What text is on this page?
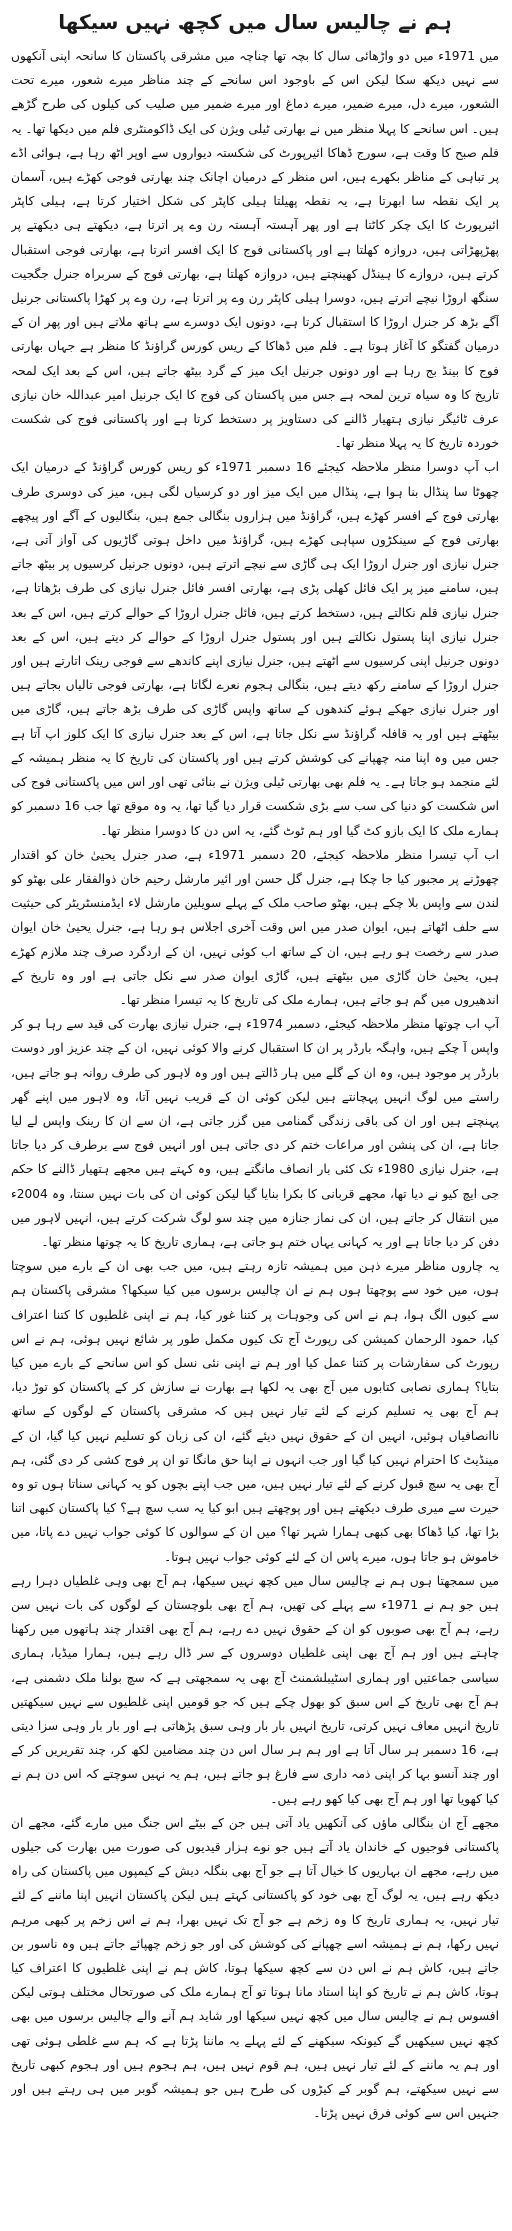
ہم نے چالیس سال میں کچھ نہیں سیکھا

میں 1971ء میں دو واڑھائی سال کا بچہ تھا چناچہ میں مشرقی پاکستان کا سانحہ اپنی آنکھوں سے نہیں دیکھ سکا لیکن اس کے باوجود اس سانحے کے چند مناظر میرے شعور، میرے تحت الشعور، میرے دل، میرے ضمیر، میرے دماغ اور میرے ضمیر میں صلیب کی کیلوں کی طرح گڑھے ہیں۔ اس سانحے کا پہلا منظر میں نے بھارتی ٹیلی ویژن کی ایک ڈاکومنٹری فلم میں دیکھا تھا۔ یہ فلم صبح کا وقت ہے، سورج ڈھاکا ائیرپورٹ کی شکستہ دیواروں سے اوپر اٹھ رہا ہے، ہوائی اڈے پر تباہی کے مناظر بکھرے ہیں، اس منظر کے درمیان اچانک چند بھارتی فوجی کھڑے ہیں، آسمان پر ایک نقطہ سا ابھرتا ہے، یہ نقطہ پھیلتا ہیلی کاپٹر کی شکل اختیار کرتا ہے، ہیلی کاپٹر ائیرپورٹ کا ایک چکر کاٹتا ہے اور پھر آہستہ آہستہ رن وے پر اترتا ہے، دیکھتے ہی دیکھتے پر پھڑپھڑاتی ہیں، دروازہ کھلتا ہے اور پاکستانی فوج کا ایک افسر اترتا ہے، بھارتی فوجی استقبال کرتے ہیں، دروازے کا ہینڈل کھینچتے ہیں، دروازہ کھلتا ہے، بھارتی فوج کے سربراہ جنرل جگجیت سنگھ اروڑا نیچے اترتے ہیں، دوسرا ہیلی کاپٹر رن وے پر اترتا ہے، رن وے پر کھڑا پاکستانی جرنیل آگے بڑھ کر جنرل اروڑا کا استقبال کرتا ہے، دونوں ایک دوسرے سے ہاتھ ملاتے ہیں اور پھر ان کے درمیان گفتگو کا آغاز ہوتا ہے۔ فلم میں ڈھاکا کے ریس کورس گراؤنڈ کا منظر ہے جہاں بھارتی فوج کا بینڈ بج رہا ہے اور دونوں جرنیل ایک میز کے گرد بیٹھ جاتے ہیں، اس کے بعد ایک لمحہ تاریخ کا وہ سیاہ ترین لمحہ ہے جس میں پاکستان کی فوج کا ایک جرنیل امیر عبداللہ خان نیازی عرف ٹائیگر نیازی ہتھیار ڈالنے کی دستاویز پر دستخط کرتا ہے اور پاکستانی فوج کی شکست خوردہ تاریخ کا یہ پہلا منظر تھا۔

اب آپ دوسرا منظر ملاحظہ کیجئے 16 دسمبر 1971ء کو ریس کورس گراؤنڈ کے درمیان ایک چھوٹا سا پنڈال بنا ہوا ہے، پنڈال میں ایک میز اور دو کرسیاں لگی ہیں، میز کی دوسری طرف بھارتی فوج کے افسر کھڑے ہیں، گراؤنڈ میں ہزاروں بنگالی جمع ہیں، بنگالیوں کے آگے اور پیچھے بھارتی فوج کے سینکڑوں سپاہی کھڑے ہیں، گراؤنڈ میں داخل ہوتی گاڑیوں کی آواز آتی ہے، جنرل نیازی اور جنرل اروڑا ایک ہی گاڑی سے نیچے اترتے ہیں، دونوں جرنیل کرسیوں پر بیٹھ جاتے ہیں، سامنے میز پر ایک فائل کھلی پڑی ہے، بھارتی افسر فائل جنرل نیازی کی طرف بڑھاتا ہے، جنرل نیازی قلم نکالتے ہیں، دستخط کرتے ہیں، فائل جنرل اروڑا کے حوالے کرتے ہیں، اس کے بعد جنرل نیازی اپنا پستول نکالتے ہیں اور پستول جنرل اروڑا کے حوالے کر دیتے ہیں، اس کے بعد دونوں جرنیل اپنی کرسیوں سے اٹھتے ہیں، جنرل نیازی اپنے کاندھے سے فوجی رینک اتارتے ہیں اور جنرل اروڑا کے سامنے رکھ دیتے ہیں، بنگالی ہجوم نعرے لگاتا ہے، بھارتی فوجی تالیاں بجاتے ہیں اور جنرل نیازی جھکے ہوئے کندھوں کے ساتھ واپس گاڑی کی طرف بڑھ جاتے ہیں، گاڑی میں بیٹھتے ہیں اور یہ قافلہ گراؤنڈ سے نکل جاتا ہے، اس کے بعد جنرل نیازی کا ایک کلوز اپ آتا ہے جس میں وہ اپنا منہ چھپانے کی کوشش کرتے ہیں اور پاکستان کی تاریخ کا یہ منظر ہمیشہ کے لئے منجمد ہو جاتا ہے۔ یہ فلم بھی بھارتی ٹیلی ویژن نے بنائی تھی اور اس میں پاکستانی فوج کی اس شکست کو دنیا کی سب سے بڑی شکست قرار دیا گیا تھا، یہ وہ موقع تھا جب 16 دسمبر کو ہمارے ملک کا ایک بازو کٹ گیا اور ہم ٹوٹ گئے، یہ اس دن کا دوسرا منظر تھا۔

اب آپ تیسرا منظر ملاحظہ کیجئے، 20 دسمبر 1971ء ہے، صدر جنرل یحییٰ خان کو اقتدار چھوڑنے پر مجبور کیا جا چکا ہے، جنرل گل حسن اور ائیر مارشل رحیم خان ذوالفقار علی بھٹو کو لندن سے واپس بلا چکے ہیں، بھٹو صاحب ملک کے پہلے سویلین مارشل لاء ایڈمنسٹریٹر کی حیثیت سے حلف اٹھاتے ہیں، ایوان صدر میں اس وقت آخری اجلاس ہو رہا ہے، جنرل یحییٰ خان ایوان صدر سے رخصت ہو رہے ہیں، ان کے ساتھ اب کوئی نہیں، ان کے اردگرد صرف چند ملازم کھڑے ہیں، یحییٰ خان گاڑی میں بیٹھتے ہیں، گاڑی ایوان صدر سے نکل جاتی ہے اور وہ تاریخ کے اندھیروں میں گم ہو جاتے ہیں، ہمارے ملک کی تاریخ کا یہ تیسرا منظر تھا۔

آپ اب چوتھا منظر ملاحظہ کیجئے، دسمبر 1974ء ہے، جنرل نیازی بھارت کی قید سے رہا ہو کر واپس آ چکے ہیں، واہگہ بارڈر پر ان کا استقبال کرنے والا کوئی نہیں، ان کے چند عزیز اور دوست بارڈر پر موجود ہیں، وہ ان کے گلے میں ہار ڈالتے ہیں اور وہ لاہور کی طرف روانہ ہو جاتے ہیں، راستے میں لوگ انہیں پہچانتے ہیں لیکن کوئی ان کے قریب نہیں آتا، وہ لاہور میں اپنے گھر پہنچتے ہیں اور ان کی باقی زندگی گمنامی میں گزر جاتی ہے، ان سے ان کا رینک واپس لے لیا جاتا ہے، ان کی پنشن اور مراعات ختم کر دی جاتی ہیں اور انہیں فوج سے برطرف کر دیا جاتا ہے، جنرل نیازی 1980ء تک کئی بار انصاف مانگتے ہیں، وہ کہتے ہیں مجھے ہتھیار ڈالنے کا حکم جی ایچ کیو نے دیا تھا، مجھے قربانی کا بکرا بنایا گیا لیکن کوئی ان کی بات نہیں سنتا، وہ 2004ء میں انتقال کر جاتے ہیں، ان کی نماز جنازہ میں چند سو لوگ شرکت کرتے ہیں، انہیں لاہور میں دفن کر دیا جاتا ہے اور یہ کہانی یہاں ختم ہو جاتی ہے، ہماری تاریخ کا یہ چوتھا منظر تھا۔

یہ چاروں مناظر میرے ذہن میں ہمیشہ تازہ رہتے ہیں، میں جب بھی ان کے بارے میں سوچتا ہوں، میں خود سے پوچھتا ہوں ہم نے ان چالیس برسوں میں کیا سیکھا؟ مشرقی پاکستان ہم سے کیوں الگ ہوا، ہم نے اس کی وجوہات پر کتنا غور کیا، ہم نے اپنی غلطیوں کا کتنا اعتراف کیا، حمود الرحمان کمیشن کی رپورٹ آج تک کیوں مکمل طور پر شائع نہیں ہوئی، ہم نے اس رپورٹ کی سفارشات پر کتنا عمل کیا اور ہم نے اپنی نئی نسل کو اس سانحے کے بارے میں کیا بتایا؟ ہماری نصابی کتابوں میں آج بھی یہ لکھا ہے بھارت نے سازش کر کے پاکستان کو توڑ دیا، ہم آج بھی یہ تسلیم کرنے کے لئے تیار نہیں ہیں کہ مشرقی پاکستان کے لوگوں کے ساتھ ناانصافیاں ہوئیں، انہیں ان کے حقوق نہیں دیئے گئے، ان کی زبان کو تسلیم نہیں کیا گیا، ان کے مینڈیٹ کا احترام نہیں کیا گیا اور جب انہوں نے اپنا حق مانگا تو ان پر فوج کشی کر دی گئی، ہم آج بھی یہ سچ قبول کرنے کے لئے تیار نہیں ہیں، میں جب اپنے بچوں کو یہ کہانی سناتا ہوں تو وہ حیرت سے میری طرف دیکھتے ہیں اور پوچھتے ہیں ابو کیا یہ سب سچ ہے؟ کیا پاکستان کبھی اتنا بڑا تھا، کیا ڈھاکا بھی کبھی ہمارا شہر تھا؟ میں ان کے سوالوں کا کوئی جواب نہیں دے پاتا، میں خاموش ہو جاتا ہوں، میرے پاس ان کے لئے کوئی جواب نہیں ہوتا۔

میں سمجھتا ہوں ہم نے چالیس سال میں کچھ نہیں سیکھا، ہم آج بھی وہی غلطیاں دہرا رہے ہیں جو ہم نے 1971ء سے پہلے کی تھیں، ہم آج بھی بلوچستان کے لوگوں کی بات نہیں سن رہے، ہم آج بھی صوبوں کو ان کے حقوق نہیں دے رہے، ہم آج بھی اقتدار چند ہاتھوں میں رکھنا چاہتے ہیں اور ہم آج بھی اپنی غلطیاں دوسروں کے سر ڈال رہے ہیں، ہمارا میڈیا، ہماری سیاسی جماعتیں اور ہماری اسٹیبلشمنٹ آج بھی یہ سمجھتی ہے کہ سچ بولنا ملک دشمنی ہے، ہم آج بھی تاریخ کے اس سبق کو بھول چکے ہیں کہ جو قومیں اپنی غلطیوں سے نہیں سیکھتیں تاریخ انہیں معاف نہیں کرتی، تاریخ انہیں بار بار وہی سبق پڑھاتی ہے اور بار بار وہی سزا دیتی ہے، 16 دسمبر ہر سال آتا ہے اور ہم ہر سال اس دن چند مضامین لکھ کر، چند تقریریں کر کے اور چند آنسو بہا کر اپنی ذمہ داری سے فارغ ہو جاتے ہیں، ہم یہ نہیں سوچتے کہ اس دن ہم نے کیا کھویا تھا اور ہم آج بھی کیا کھو رہے ہیں۔

مجھے آج ان بنگالی ماؤں کی آنکھیں یاد آتی ہیں جن کے بیٹے اس جنگ میں مارے گئے، مجھے ان پاکستانی فوجیوں کے خاندان یاد آتے ہیں جو نوے ہزار قیدیوں کی صورت میں بھارت کی جیلوں میں رہے، مجھے ان بہاریوں کا خیال آتا ہے جو آج بھی بنگلہ دیش کے کیمپوں میں پاکستان کی راہ دیکھ رہے ہیں، یہ لوگ آج بھی خود کو پاکستانی کہتے ہیں لیکن پاکستان انہیں اپنا ماننے کے لئے تیار نہیں، یہ ہماری تاریخ کا وہ زخم ہے جو آج تک نہیں بھرا، ہم نے اس زخم پر کبھی مرہم نہیں رکھا، ہم نے ہمیشہ اسے چھپانے کی کوشش کی اور جو زخم چھپائے جاتے ہیں وہ ناسور بن جاتے ہیں، کاش ہم نے اس دن سے کچھ سیکھا ہوتا، کاش ہم نے اپنی غلطیوں کا اعتراف کیا ہوتا، کاش ہم نے تاریخ کو اپنا استاد مانا ہوتا تو آج ہمارے ملک کی صورتحال مختلف ہوتی لیکن افسوس ہم نے چالیس سال میں کچھ نہیں سیکھا اور شاید ہم آنے والے چالیس برسوں میں بھی کچھ نہیں سیکھیں گے کیونکہ سیکھنے کے لئے پہلے یہ ماننا پڑتا ہے کہ ہم سے غلطی ہوئی تھی اور ہم یہ ماننے کے لئے تیار نہیں ہیں، ہم قوم نہیں ہیں، ہم ہجوم ہیں اور ہجوم کبھی تاریخ سے نہیں سیکھتے، ہم گوبر کے کیڑوں کی طرح ہیں جو ہمیشہ گوبر میں ہی رہتے ہیں اور جنہیں اس سے کوئی فرق نہیں پڑتا۔
